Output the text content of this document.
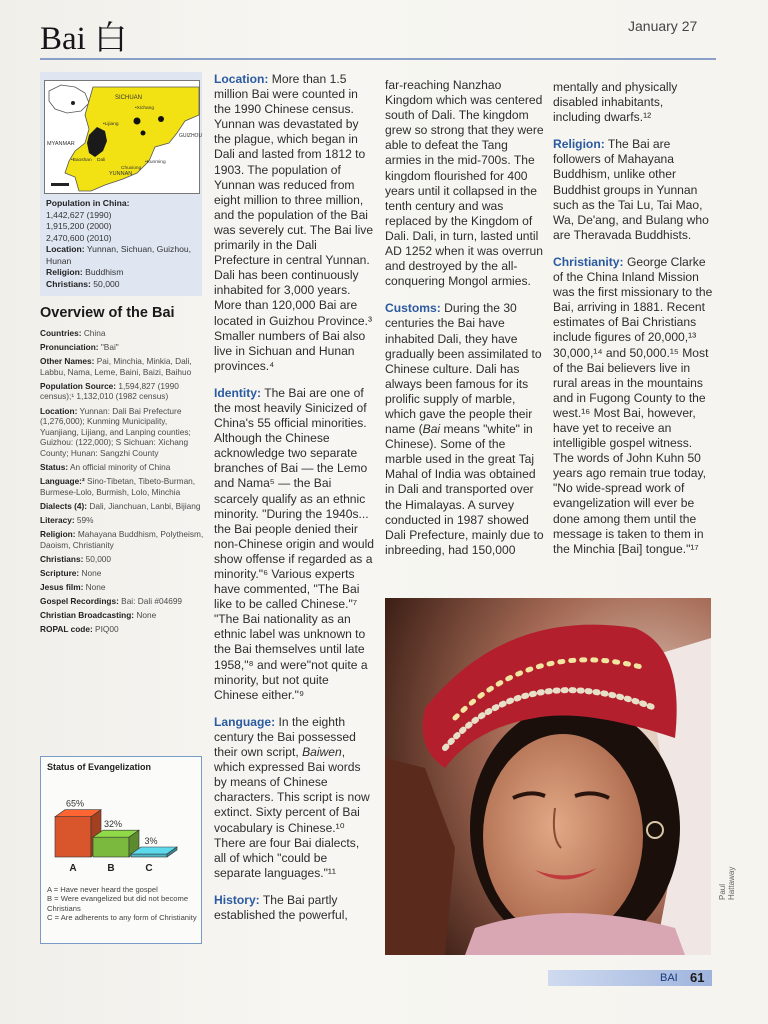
Bai 白	January 27
SICHUAN
GUIZHOU
MYANMAR
YUNNAN
•Baoshan Dali
•Lijiang
•Xichang
Chuxiong
•Kunming
Population in China:
1,442,627 (1990)
1,915,200 (2000)
2,470,600 (2010)
Location: Yunnan, Sichuan, Guizhou, Hunan
Religion: Buddhism
Christians: 50,000
Overview of the Bai
Countries: China
Pronunciation: "Bai"
Other Names: Pai, Minchia, Minkia, Dali, Labbu, Nama, Leme, Baini, Baizi, Baihuo
Population Source: 1,594,827 (1990 census);¹ 1,132,010 (1982 census)
Location: Yunnan: Dali Bai Prefecture (1,276,000); Kunming Municipality, Yuanjiang, Lijiang, and Lanping counties; Guizhou: (122,000); S Sichuan: Xichang County; Hunan: Sangzhi County
Status: An official minority of China
Language:² Sino-Tibetan, Tibeto-Burman, Burmese-Lolo, Burmish, Lolo, Minchia
Dialects (4): Dali, Jianchuan, Lanbi, Bijiang
Literacy: 59%
Religion: Mahayana Buddhism, Polytheism, Daoism, Christianity
Christians: 50,000
Scripture: None
Jesus film: None
Gospel Recordings: Bai: Dali #04699
Christian Broadcasting: None
ROPAL code: PIQ00
Status of Evangelization
65%
A
32%
B
3%
C
A = Have never heard the gospel
B = Were evangelized but did not become Christians
C = Are adherents to any form of Christianity

Location: More than 1.5 million Bai were counted in the 1990 Chinese census. Yunnan was devastated by the plague, which began in Dali and lasted from 1812 to 1903. The population of Yunnan was reduced from eight million to three million, and the population of the Bai was severely cut. The Bai live primarily in the Dali Prefecture in central Yunnan. Dali has been continuously inhabited for 3,000 years. More than 120,000 Bai are located in Guizhou Province.³ Smaller numbers of Bai also live in Sichuan and Hunan provinces.⁴

Identity: The Bai are one of the most heavily Sinicized of China's 55 official minorities. Although the Chinese acknowledge two separate branches of Bai — the Lemo and Nama⁵ — the Bai scarcely qualify as an ethnic minority. "During the 1940s... the Bai people denied their non-Chinese origin and would show offense if regarded as a minority."⁶ Various experts have commented, "The Bai like to be called Chinese."⁷ "The Bai nationality as an ethnic label was unknown to the Bai themselves until late 1958,"⁸ and were"not quite a minority, but not quite Chinese either."⁹

Language: In the eighth century the Bai possessed their own script, Baiwen, which expressed Bai words by means of Chinese characters. This script is now extinct. Sixty percent of Bai vocabulary is Chinese.¹⁰ There are four Bai dialects, all of which "could be separate languages."¹¹

History: The Bai partly established the powerful,

far-reaching Nanzhao Kingdom which was centered south of Dali. The kingdom grew so strong that they were able to defeat the Tang armies in the mid-700s. The kingdom flourished for 400 years until it collapsed in the tenth century and was replaced by the Kingdom of Dali. Dali, in turn, lasted until AD 1252 when it was overrun and destroyed by the all-conquering Mongol armies.

Customs: During the 30 centuries the Bai have inhabited Dali, they have gradually been assimilated to Chinese culture. Dali has always been famous for its prolific supply of marble, which gave the people their name (Bai means "white" in Chinese). Some of the marble used in the great Taj Mahal of India was obtained in Dali and transported over the Himalayas. A survey conducted in 1987 showed Dali Prefecture, mainly due to inbreeding, had 150,000

mentally and physically disabled inhabitants, including dwarfs.¹²

Religion: The Bai are followers of Mahayana Buddhism, unlike other Buddhist groups in Yunnan such as the Tai Lu, Tai Mao, Wa, De'ang, and Bulang who are Theravada Buddhists.

Christianity: George Clarke of the China Inland Mission was the first missionary to the Bai, arriving in 1881. Recent estimates of Bai Christians include figures of 20,000,¹³ 30,000,¹⁴ and 50,000.¹⁵ Most of the Bai believers live in rural areas in the mountains and in Fugong County to the west.¹⁶ Most Bai, however, have yet to receive an intelligible gospel witness. The words of John Kuhn 50 years ago remain true today, "No wide-spread work of evangelization will ever be done among them until the message is taken to them in the Minchia [Bai] tongue."¹⁷

Paul Hattaway
BAI 61
